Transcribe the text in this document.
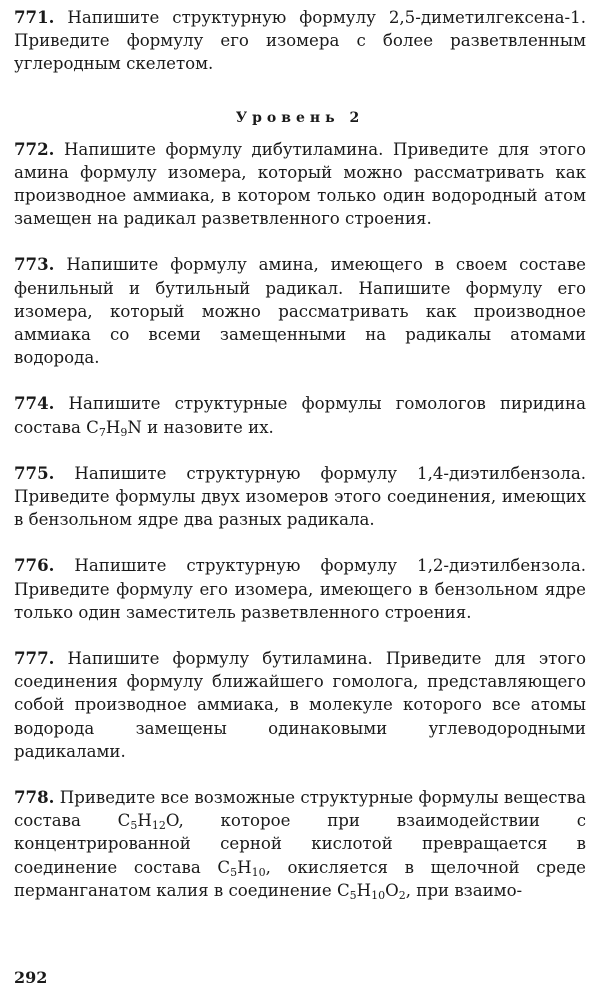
771. Напишите структурную формулу 2,5-диметилгексена-1. Приведите формулу его изомера с более разветвленным углеродным скелетом.

Уровень 2

772. Напишите формулу дибутиламина. Приведите для этого амина формулу изомера, который можно рассматривать как производное аммиака, в котором только один водородный атом замещен на радикал разветвленного строения.

773. Напишите формулу амина, имеющего в своем составе фенильный и бутильный радикал. Напишите формулу его изомера, который можно рассматривать как производное аммиака со всеми замещенными на радикалы атомами водорода.

774. Напишите структурные формулы гомологов пиридина состава $C_7H_9N$ и назовите их.

775. Напишите структурную формулу 1,4-диэтилбензола. Приведите формулы двух изомеров этого соединения, имеющих в бензольном ядре два разных радикала.

776. Напишите структурную формулу 1,2-диэтилбензола. Приведите формулу его изомера, имеющего в бензольном ядре только один заместитель разветвленного строения.

777. Напишите формулу бутиламина. Приведите для этого соединения формулу ближайшего гомолога, представляющего собой производное аммиака, в молекуле которого все атомы водорода замещены одинаковыми углеводородными радикалами.

778. Приведите все возможные структурные формулы вещества состава $C_5H_{12}O$, которое при взаимодействии с концентрированной серной кислотой превращается в соединение состава $C_5H_{10}$, окисляется в щелочной среде перманганатом калия в соединение $C_5H_{10}O_2$, при взаимо-

292
